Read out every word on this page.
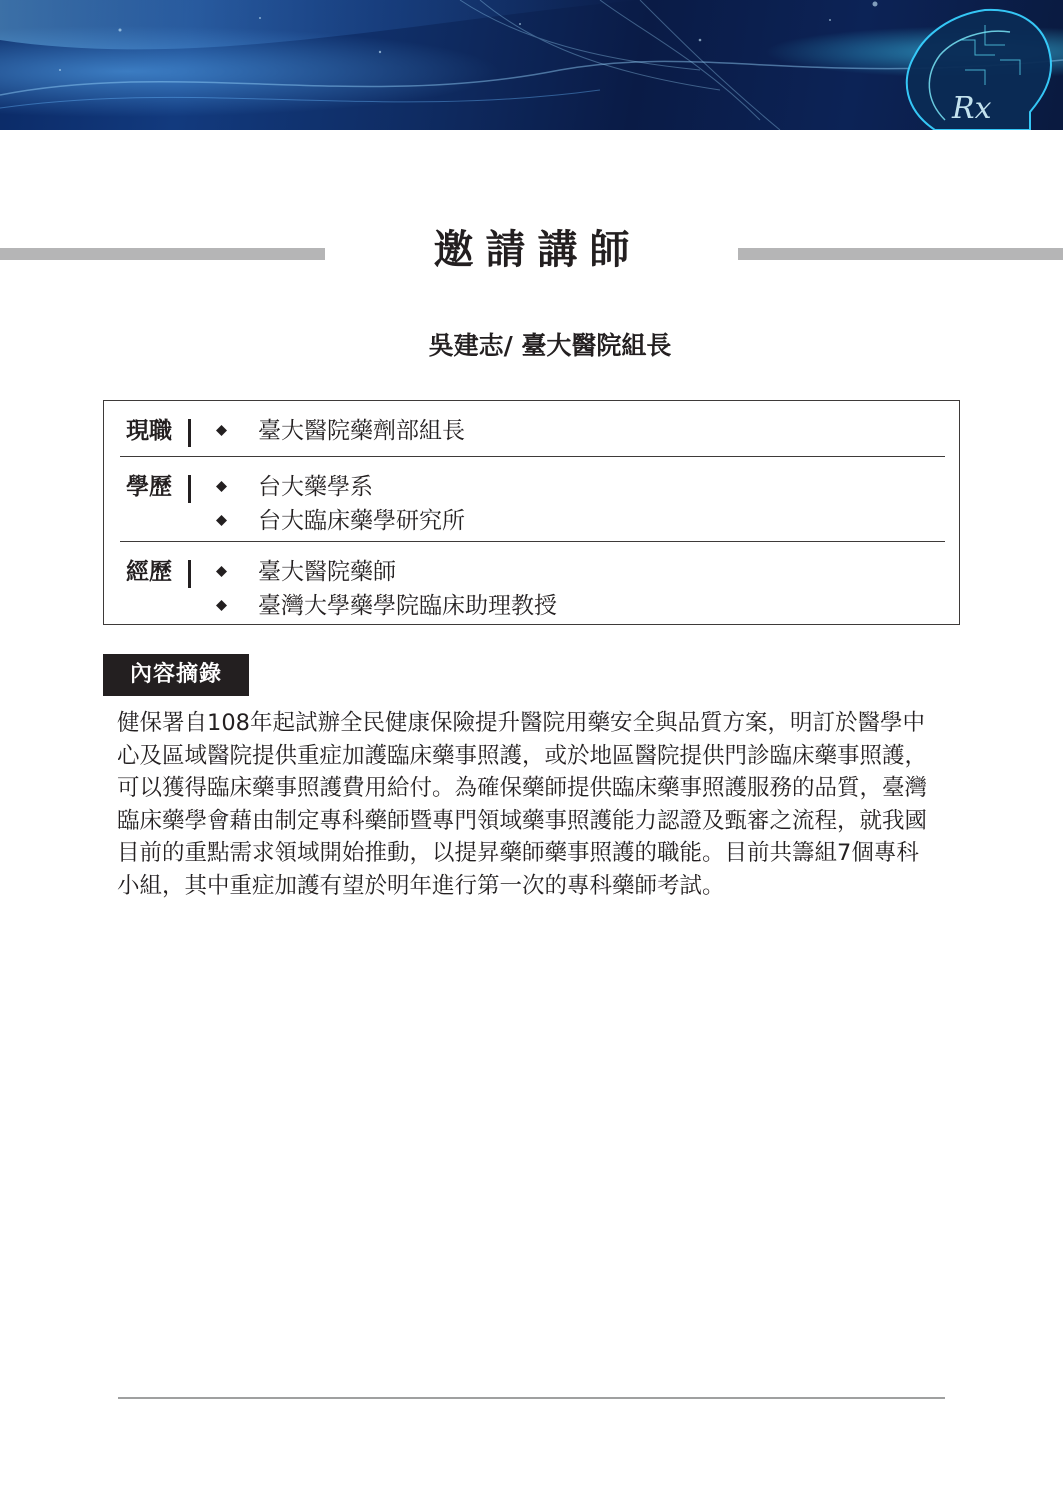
Rx
邀請講師
吳建志/ 臺大醫院組長
現職	臺大醫院藥劑部組長
學歷	台大藥學系
台大臨床藥學研究所
經歷	臺大醫院藥師
臺灣大學藥學院臨床助理教授
內容摘錄
健保署自108年起試辦全民健康保險提升醫院用藥安全與品質方案，明訂於醫學中
心及區域醫院提供重症加護臨床藥事照護，或於地區醫院提供門診臨床藥事照護，
可以獲得臨床藥事照護費用給付。為確保藥師提供臨床藥事照護服務的品質，臺灣
臨床藥學會藉由制定專科藥師暨專門領域藥事照護能力認證及甄審之流程，就我國
目前的重點需求領域開始推動，以提昇藥師藥事照護的職能。目前共籌組7個專科
小組，其中重症加護有望於明年進行第一次的專科藥師考試。
